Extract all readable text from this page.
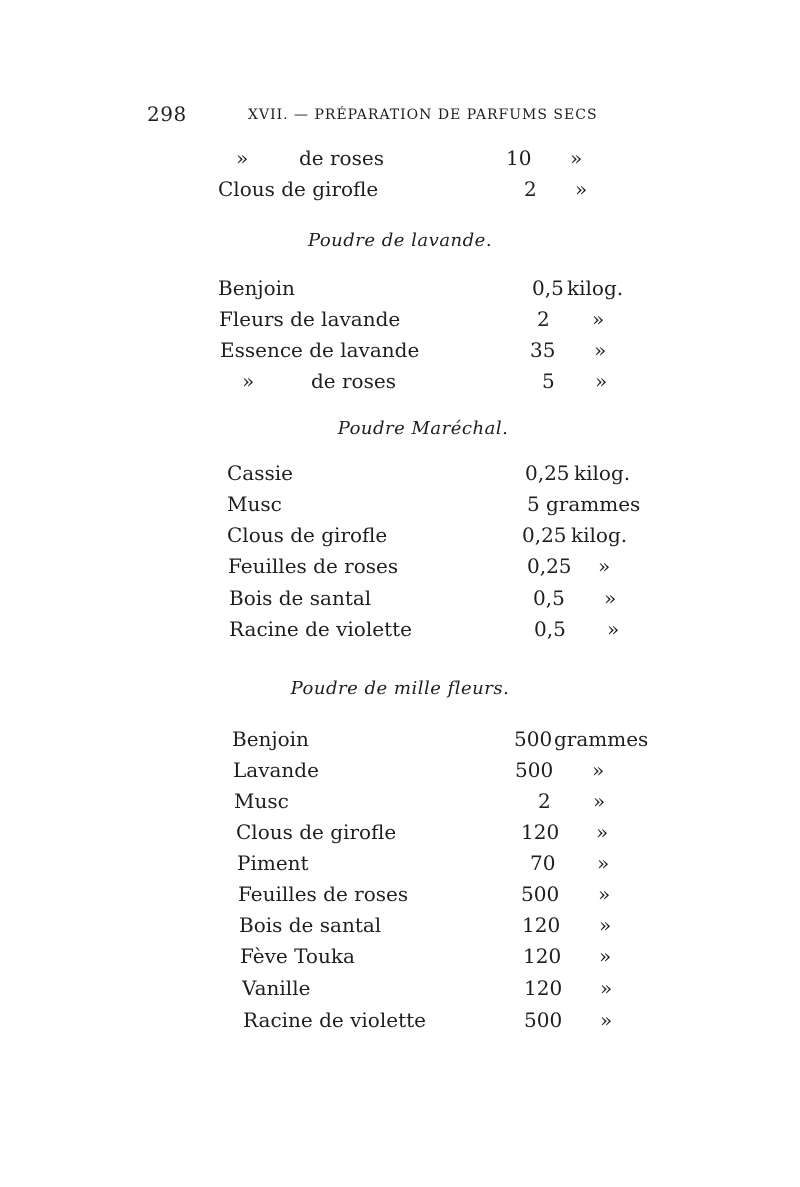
298	XVII. — PRÉPARATION DE PARFUMS SECS
»	de roses	10 »
Clous de girofle	2 »
Poudre de lavande.
Benjoin	0,5 kilog.
Fleurs de lavande	2 »
Essence de lavande	35 »
»	de roses	5 »
Poudre Maréchal.
Cassie	0,25 kilog.
Musc	5 grammes
Clous de girofle	0,25 kilog.
Feuilles de roses	0,25 »
Bois de santal	0,5 »
Racine de violette	0,5 »
Poudre de mille fleurs.
Benjoin	500 grammes
Lavande	500 »
Musc	2 »
Clous de girofle	120 »
Piment	70 »
Feuilles de roses	500 »
Bois de santal	120 »
Fève Touka	120 »
Vanille	120 »
Racine de violette	500 »
